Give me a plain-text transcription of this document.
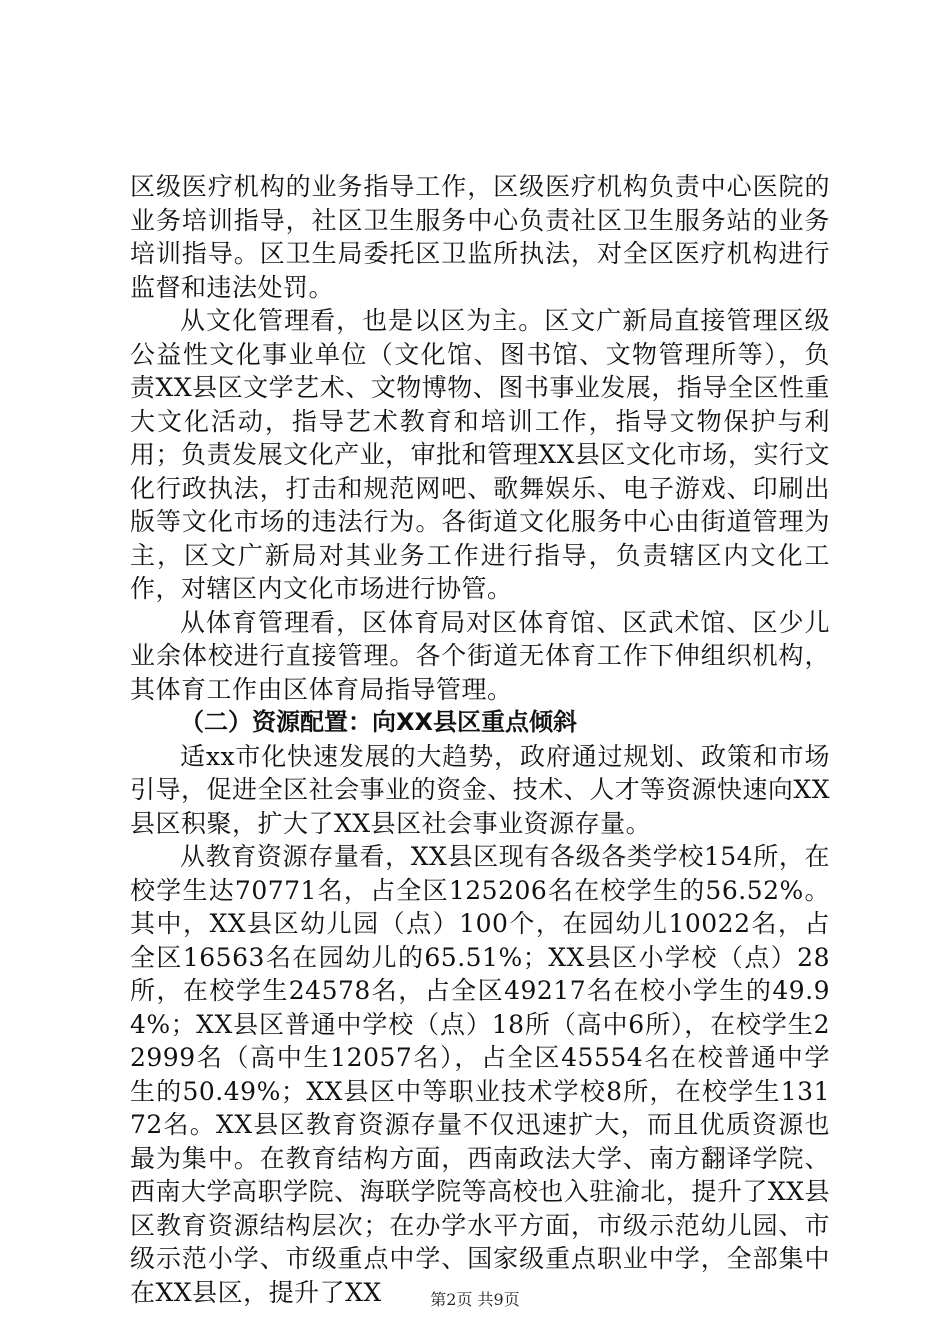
区级医疗机构的业务指导工作，区级医疗机构负责中心医院的业务培训指导，社区卫生服务中心负责社区卫生服务站的业务培训指导。区卫生局委托区卫监所执法，对全区医疗机构进行监督和违法处罚。

从文化管理看，也是以区为主。区文广新局直接管理区级公益性文化事业单位（文化馆、图书馆、文物管理所等），负责XX县区文学艺术、文物博物、图书事业发展，指导全区性重大文化活动，指导艺术教育和培训工作，指导文物保护与利用；负责发展文化产业，审批和管理XX县区文化市场，实行文化行政执法，打击和规范网吧、歌舞娱乐、电子游戏、印刷出版等文化市场的违法行为。各街道文化服务中心由街道管理为主，区文广新局对其业务工作进行指导，负责辖区内文化工作，对辖区内文化市场进行协管。

从体育管理看，区体育局对区体育馆、区武术馆、区少儿业余体校进行直接管理。各个街道无体育工作下伸组织机构，其体育工作由区体育局指导管理。

（二）资源配置：向XX县区重点倾斜

适xx市化快速发展的大趋势，政府通过规划、政策和市场引导，促进全区社会事业的资金、技术、人才等资源快速向XX县区积聚，扩大了XX县区社会事业资源存量。

从教育资源存量看，XX县区现有各级各类学校154所，在校学生达70771名，占全区125206名在校学生的56.52%。其中，XX县区幼儿园（点）100个，在园幼儿10022名，占全区16563名在园幼儿的65.51%；XX县区小学校（点）28所，在校学生24578名，占全区49217名在校小学生的49.94%；XX县区普通中学校（点）18所（高中6所），在校学生22999名（高中生12057名），占全区45554名在校普通中学生的50.49%；XX县区中等职业技术学校8所，在校学生13172名。XX县区教育资源存量不仅迅速扩大，而且优质资源也最为集中。在教育结构方面，西南政法大学、南方翻译学院、西南大学高职学院、海联学院等高校也入驻渝北，提升了XX县区教育资源结构层次；在办学水平方面，市级示范幼儿园、市级示范小学、市级重点中学、国家级重点职业中学，全部集中在XX县区，提升了XX	第2页 共9页
